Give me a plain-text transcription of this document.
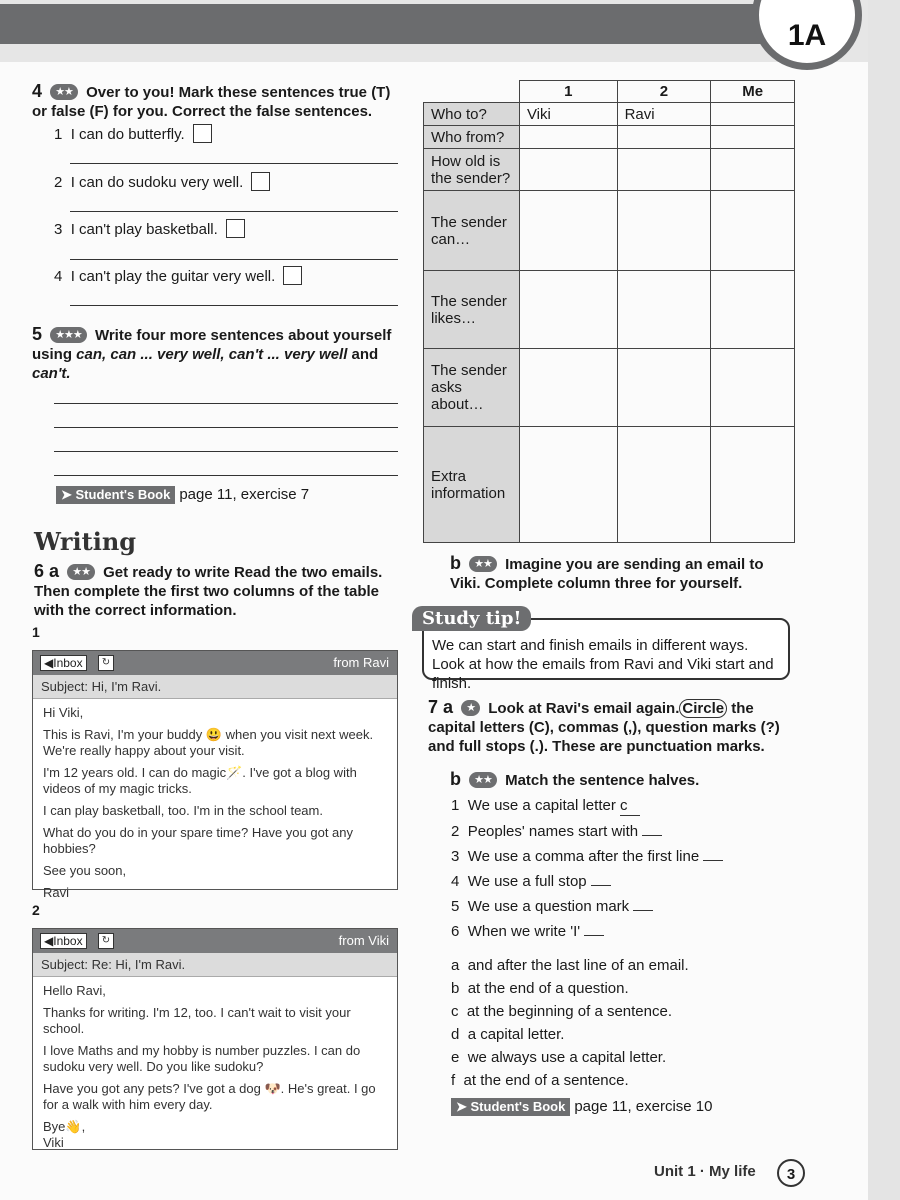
1A
4 ★★ Over to you! Mark these sentences true (T) or false (F) for you. Correct the false sentences.
1 I can do butterfly.
2 I can do sudoku very well.
3 I can't play basketball.
4 I can't play the guitar very well.
5 ★★★ Write four more sentences about yourself using can, can ... very well, can't ... very well and can't.
➤ Student's Book page 11, exercise 7
Writing
6 a ★★ Get ready to write Read the two emails. Then complete the first two columns of the table with the correct information.
1
◀Inbox	↻	from Ravi
Subject: Hi, I'm Ravi.

Hi Viki,

This is Ravi, I'm your buddy 😃 when you visit next week. We're really happy about your visit.

I'm 12 years old. I can do magic🪄. I've got a blog with videos of my magic tricks.

I can play basketball, too. I'm in the school team.

What do you do in your spare time? Have you got any hobbies?

See you soon,

Ravi

2
◀Inbox	↻	from Viki
Subject: Re: Hi, I'm Ravi.

Hello Ravi,

Thanks for writing. I'm 12, too. I can't wait to visit your school.

I love Maths and my hobby is number puzzles. I can do sudoku very well. Do you like sudoku?

Have you got any pets? I've got a dog 🐶. He's great. I go for a walk with him every day.

Bye👋,

Viki

	1	2	Me
Who to?	Viki	Ravi	
Who from?			
How old is the sender?			
The sender can…			
The sender likes…			
The sender asks about…			
Extra information			
b ★★ Imagine you are sending an email to Viki. Complete column three for yourself.
We can start and finish emails in different ways. Look at how the emails from Ravi and Viki start and finish.
Study tip!
7 a ★ Look at Ravi's email again. Circle the capital letters (C), commas (,), question marks (?) and full stops (.). These are punctuation marks.
b ★★ Match the sentence halves.
1 We use a capital letter c
2 Peoples' names start with
3 We use a comma after the first line
4 We use a full stop
5 We use a question mark
6 When we write 'I'
a and after the last line of an email.
b at the end of a question.
c at the beginning of a sentence.
d a capital letter.
e we always use a capital letter.
f at the end of a sentence.
➤ Student's Book page 11, exercise 10
Unit 1 · My life	3
